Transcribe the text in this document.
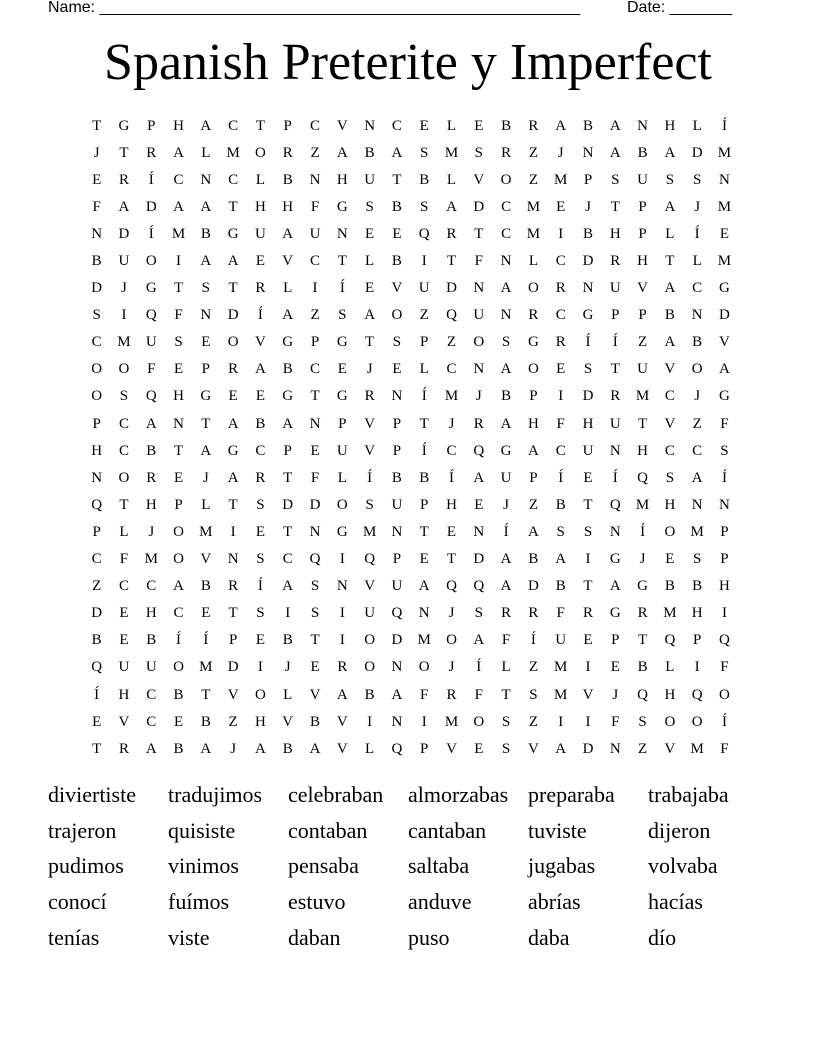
Name: ______________________________________________________

	Date: _______

Spanish Preterite y Imperfect
T	G	P	H	A	C	T	P	C	V	N	C	E	L	E	B	R	A	B	A	N	H	L	Í
J	T	R	A	L	M	O	R	Z	A	B	A	S	M	S	R	Z	J	N	A	B	A	D	M
E	R	Í	C	N	C	L	B	N	H	U	T	B	L	V	O	Z	M	P	S	U	S	S	N
F	A	D	A	A	T	H	H	F	G	S	B	S	A	D	C	M	E	J	T	P	A	J	M
N	D	Í	M	B	G	U	A	U	N	E	E	Q	R	T	C	M	I	B	H	P	L	Í	E
B	U	O	I	A	A	E	V	C	T	L	B	I	T	F	N	L	C	D	R	H	T	L	M
D	J	G	T	S	T	R	L	I	Í	E	V	U	D	N	A	O	R	N	U	V	A	C	G
S	I	Q	F	N	D	Í	A	Z	S	A	O	Z	Q	U	N	R	C	G	P	P	B	N	D
C	M	U	S	E	O	V	G	P	G	T	S	P	Z	O	S	G	R	Í	Í	Z	A	B	V
O	O	F	E	P	R	A	B	C	E	J	E	L	C	N	A	O	E	S	T	U	V	O	A
O	S	Q	H	G	E	E	G	T	G	R	N	Í	M	J	B	P	I	D	R	M	C	J	G
P	C	A	N	T	A	B	A	N	P	V	P	T	J	R	A	H	F	H	U	T	V	Z	F
H	C	B	T	A	G	C	P	E	U	V	P	Í	C	Q	G	A	C	U	N	H	C	C	S
N	O	R	E	J	A	R	T	F	L	Í	B	B	Í	A	U	P	Í	E	Í	Q	S	A	Í
Q	T	H	P	L	T	S	D	D	O	S	U	P	H	E	J	Z	B	T	Q	M	H	N	N
P	L	J	O	M	I	E	T	N	G	M	N	T	E	N	Í	A	S	S	N	Í	O	M	P
C	F	M	O	V	N	S	C	Q	I	Q	P	E	T	D	A	B	A	I	G	J	E	S	P
Z	C	C	A	B	R	Í	A	S	N	V	U	A	Q	Q	A	D	B	T	A	G	B	B	H
D	E	H	C	E	T	S	I	S	I	U	Q	N	J	S	R	R	F	R	G	R	M	H	I
B	E	B	Í	Í	P	E	B	T	I	O	D	M	O	A	F	Í	U	E	P	T	Q	P	Q
Q	U	U	O	M	D	I	J	E	R	O	N	O	J	Í	L	Z	M	I	E	B	L	I	F
Í	H	C	B	T	V	O	L	V	A	B	A	F	R	F	T	S	M	V	J	Q	H	Q	O
E	V	C	E	B	Z	H	V	B	V	I	N	I	M	O	S	Z	I	I	F	S	O	O	Í
T	R	A	B	A	J	A	B	A	V	L	Q	P	V	E	S	V	A	D	N	Z	V	M	F
diviertiste	tradujimos	celebraban	almorzabas preparaba	trabajaba
trajeron	quisiste	contaban	cantaban	tuviste	dijeron
pudimos	vinimos	pensaba	saltaba	jugabas	volvaba
conocí	fuímos	estuvo	anduve	abrías	hacías
tenías	viste	daban	puso	daba	dío
